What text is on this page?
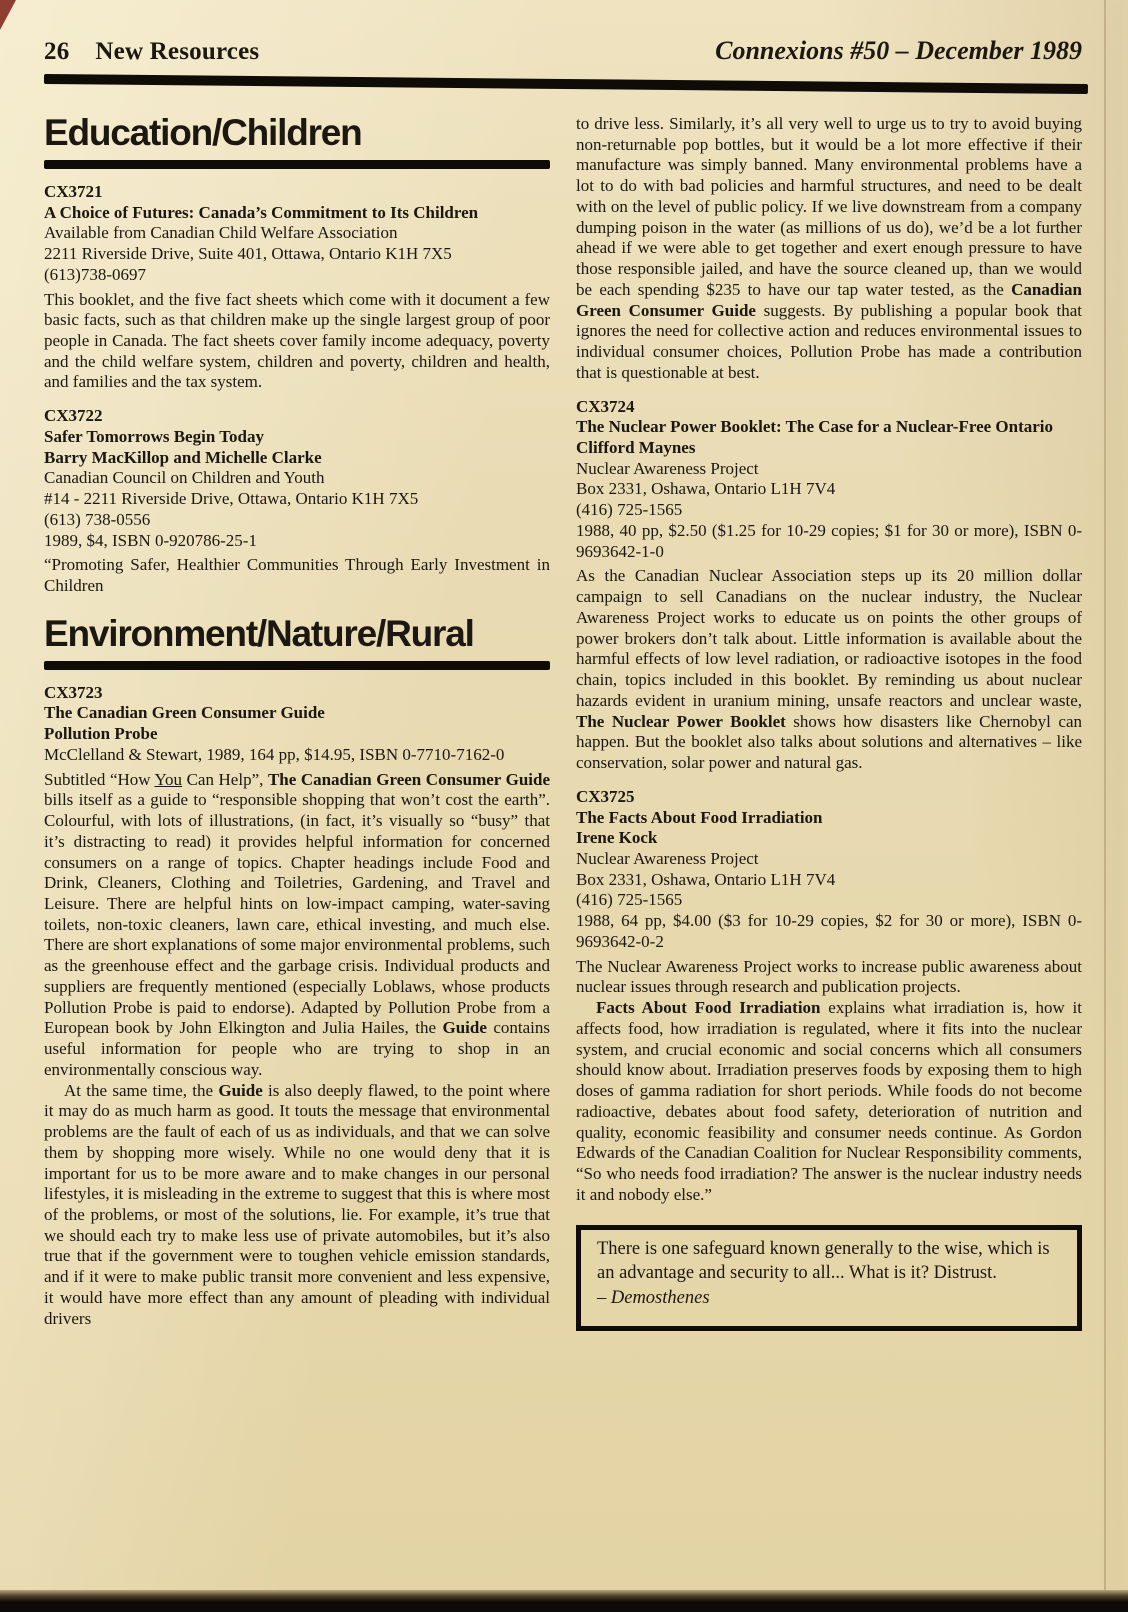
26 New Resources	Connexions #50 – December 1989
Education/Children
CX3721
A Choice of Futures: Canada’s Commitment to Its Children
Available from Canadian Child Welfare Association
2211 Riverside Drive, Suite 401, Ottawa, Ontario K1H 7X5
(613)738-0697

This booklet, and the five fact sheets which come with it document a few basic facts, such as that children make up the single largest group of poor people in Canada. The fact sheets cover family income adequacy, poverty and the child welfare system, children and poverty, children and health, and families and the tax system.

CX3722
Safer Tomorrows Begin Today
Barry MacKillop and Michelle Clarke
Canadian Council on Children and Youth
#14 - 2211 Riverside Drive, Ottawa, Ontario K1H 7X5
(613) 738-0556
1989, $4, ISBN 0-920786-25-1

“Promoting Safer, Healthier Communities Through Early Investment in Children

Environment/Nature/Rural
CX3723
The Canadian Green Consumer Guide
Pollution Probe
McClelland & Stewart, 1989, 164 pp, $14.95, ISBN 0-7710-7162-0

Subtitled “How You Can Help”, The Canadian Green Consumer Guide bills itself as a guide to “responsible shopping that won’t cost the earth”. Colourful, with lots of illustrations, (in fact, it’s visually so “busy” that it’s distracting to read) it provides helpful information for concerned consumers on a range of topics. Chapter headings include Food and Drink, Cleaners, Clothing and Toiletries, Gardening, and Travel and Leisure. There are helpful hints on low-impact camping, water-saving toilets, non-toxic cleaners, lawn care, ethical investing, and much else. There are short explanations of some major environmental problems, such as the greenhouse effect and the garbage crisis. Individual products and suppliers are frequently mentioned (especially Loblaws, whose products Pollution Probe is paid to endorse). Adapted by Pollution Probe from a European book by John Elkington and Julia Hailes, the Guide contains useful information for people who are trying to shop in an environmentally conscious way.

At the same time, the Guide is also deeply flawed, to the point where it may do as much harm as good. It touts the message that environmental problems are the fault of each of us as individuals, and that we can solve them by shopping more wisely. While no one would deny that it is important for us to be more aware and to make changes in our personal lifestyles, it is misleading in the extreme to suggest that this is where most of the problems, or most of the solutions, lie. For example, it’s true that we should each try to make less use of private automobiles, but it’s also true that if the government were to toughen vehicle emission standards, and if it were to make public transit more convenient and less expensive, it would have more effect than any amount of pleading with individual drivers

to drive less. Similarly, it’s all very well to urge us to try to avoid buying non-returnable pop bottles, but it would be a lot more effective if their manufacture was simply banned. Many environmental problems have a lot to do with bad policies and harmful structures, and need to be dealt with on the level of public policy. If we live downstream from a company dumping poison in the water (as millions of us do), we’d be a lot further ahead if we were able to get together and exert enough pressure to have those responsible jailed, and have the source cleaned up, than we would be each spending $235 to have our tap water tested, as the Canadian Green Consumer Guide suggests. By publishing a popular book that ignores the need for collective action and reduces environmental issues to individual consumer choices, Pollution Probe has made a contribution that is questionable at best.

CX3724
The Nuclear Power Booklet: The Case for a Nuclear-Free Ontario
Clifford Maynes
Nuclear Awareness Project
Box 2331, Oshawa, Ontario L1H 7V4
(416) 725-1565
1988, 40 pp, $2.50 ($1.25 for 10-29 copies; $1 for 30 or more), ISBN 0-9693642-1-0

As the Canadian Nuclear Association steps up its 20 million dollar campaign to sell Canadians on the nuclear industry, the Nuclear Awareness Project works to educate us on points the other groups of power brokers don’t talk about. Little information is available about the harmful effects of low level radiation, or radioactive isotopes in the food chain, topics included in this booklet. By reminding us about nuclear hazards evident in uranium mining, unsafe reactors and unclear waste, The Nuclear Power Booklet shows how disasters like Chernobyl can happen. But the booklet also talks about solutions and alternatives – like conservation, solar power and natural gas.

CX3725
The Facts About Food Irradiation
Irene Kock
Nuclear Awareness Project
Box 2331, Oshawa, Ontario L1H 7V4
(416) 725-1565
1988, 64 pp, $4.00 ($3 for 10-29 copies, $2 for 30 or more), ISBN 0-9693642-0-2

The Nuclear Awareness Project works to increase public awareness about nuclear issues through research and publication projects.

Facts About Food Irradiation explains what irradiation is, how it affects food, how irradiation is regulated, where it fits into the nuclear system, and crucial economic and social concerns which all consumers should know about. Irradiation preserves foods by exposing them to high doses of gamma radiation for short periods. While foods do not become radioactive, debates about food safety, deterioration of nutrition and quality, economic feasibility and consumer needs continue. As Gordon Edwards of the Canadian Coalition for Nuclear Responsibility comments, “So who needs food irradiation? The answer is the nuclear industry needs it and nobody else.”

There is one safeguard known generally to the wise, which is an advantage and security to all... What is it? Distrust.
– Demosthenes
